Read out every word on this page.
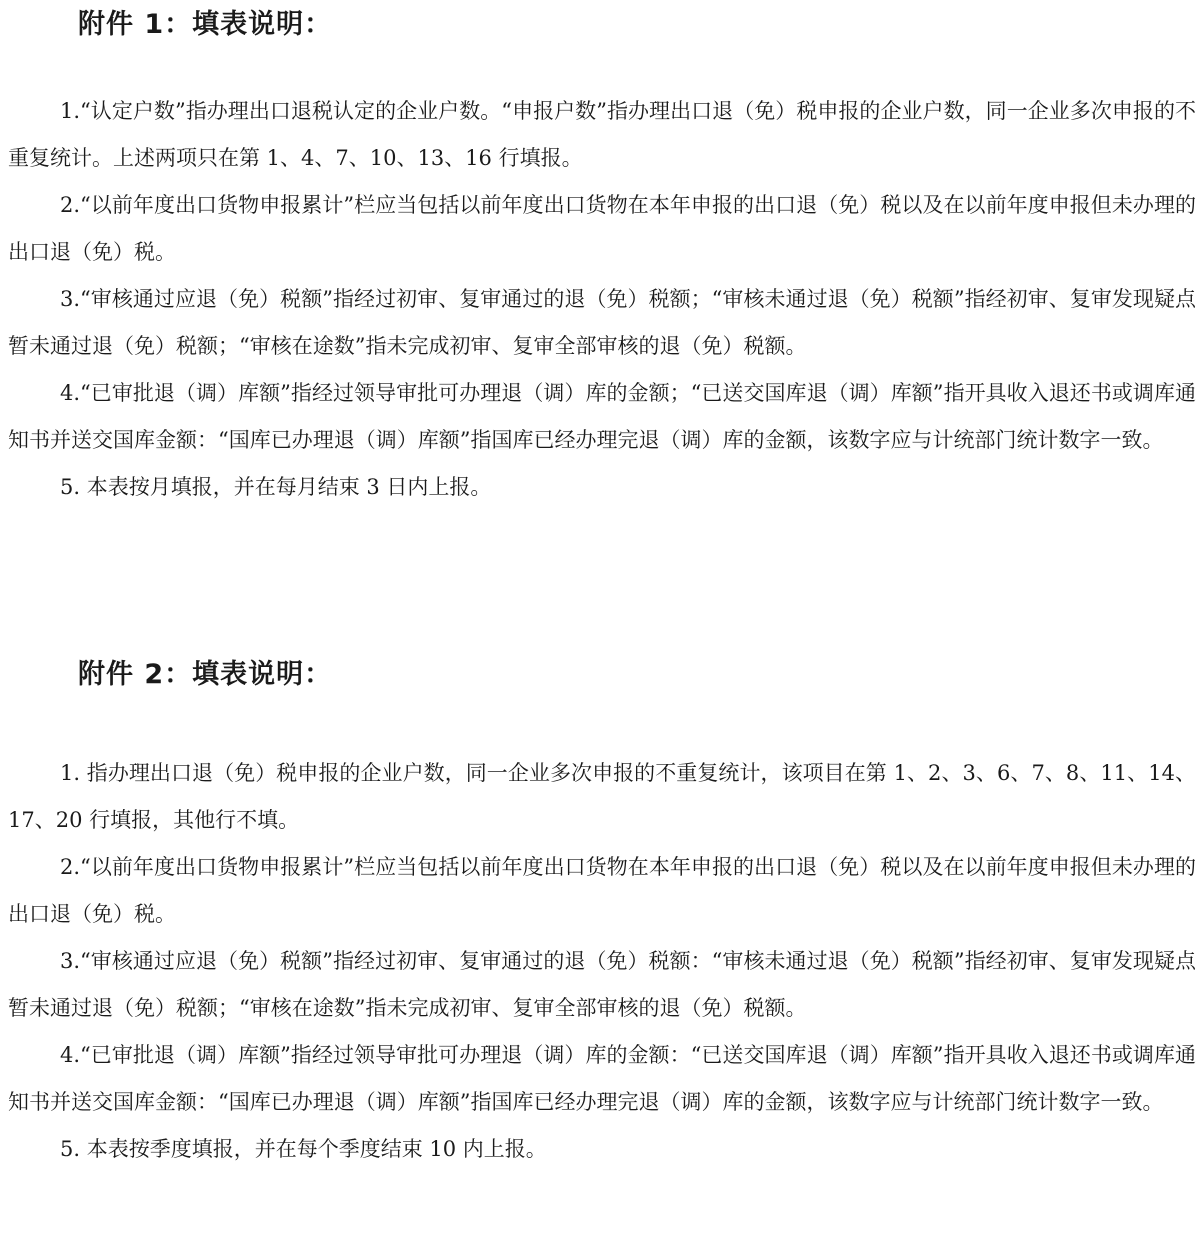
附件 1：填表说明：

1.“认定户数”指办理出口退税认定的企业户数。“申报户数”指办理出口退（免）税申报的企业户数，同一企业多次申报的不重复统计。上述两项只在第 1、4、7、10、13、16 行填报。

2.“以前年度出口货物申报累计”栏应当包括以前年度出口货物在本年申报的出口退（免）税以及在以前年度申报但未办理的出口退（免）税。

3.“审核通过应退（免）税额”指经过初审、复审通过的退（免）税额；“审核未通过退（免）税额”指经初审、复审发现疑点暂未通过退（免）税额；“审核在途数”指未完成初审、复审全部审核的退（免）税额。

4.“已审批退（调）库额”指经过领导审批可办理退（调）库的金额；“已送交国库退（调）库额”指开具收入退还书或调库通知书并送交国库金额：“国库已办理退（调）库额”指国库已经办理完退（调）库的金额，该数字应与计统部门统计数字一致。

5. 本表按月填报，并在每月结束 3 日内上报。

附件 2：填表说明：

1. 指办理出口退（免）税申报的企业户数，同一企业多次申报的不重复统计，该项目在第 1、2、3、6、7、8、11、14、17、20 行填报，其他行不填。

2.“以前年度出口货物申报累计”栏应当包括以前年度出口货物在本年申报的出口退（免）税以及在以前年度申报但未办理的出口退（免）税。

3.“审核通过应退（免）税额”指经过初审、复审通过的退（免）税额：“审核未通过退（免）税额”指经初审、复审发现疑点暂未通过退（免）税额；“审核在途数”指未完成初审、复审全部审核的退（免）税额。

4.“已审批退（调）库额”指经过领导审批可办理退（调）库的金额：“已送交国库退（调）库额”指开具收入退还书或调库通知书并送交国库金额：“国库已办理退（调）库额”指国库已经办理完退（调）库的金额，该数字应与计统部门统计数字一致。

5. 本表按季度填报，并在每个季度结束 10 内上报。
